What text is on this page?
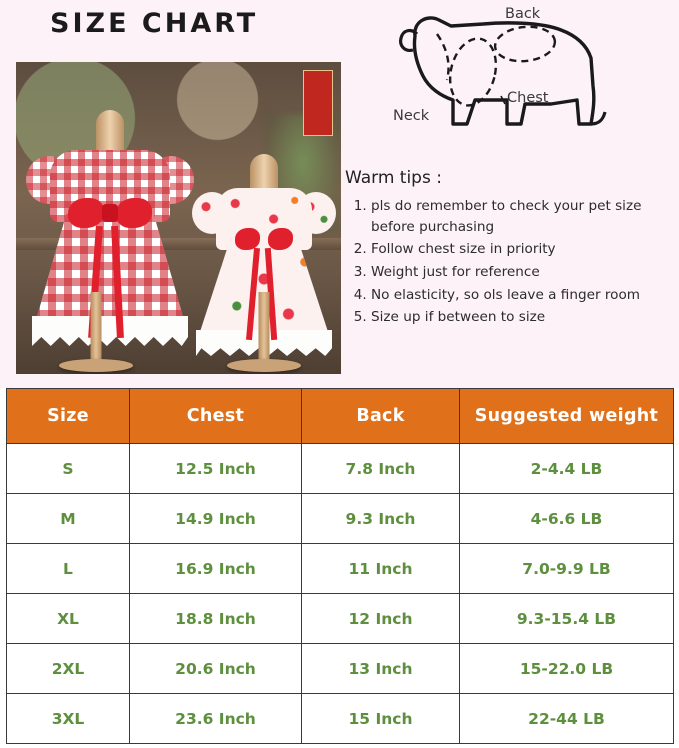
SIZE CHART	Back
Chest
Neck
Warm tips :
1. pls do remember to check your pet size before purchasing
2. Follow chest size in priority
3. Weight just for reference
4. No elasticity, so ols leave a finger room
5. Size up if between to size
Size	Chest	Back	Suggested weight
S	12.5 Inch	7.8 Inch	2-4.4 LB
M	14.9 Inch	9.3 Inch	4-6.6 LB
L	16.9 Inch	11 Inch	7.0-9.9 LB
XL	18.8 Inch	12 Inch	9.3-15.4 LB
2XL	20.6 Inch	13 Inch	15-22.0 LB
3XL	23.6 Inch	15 Inch	22-44 LB
